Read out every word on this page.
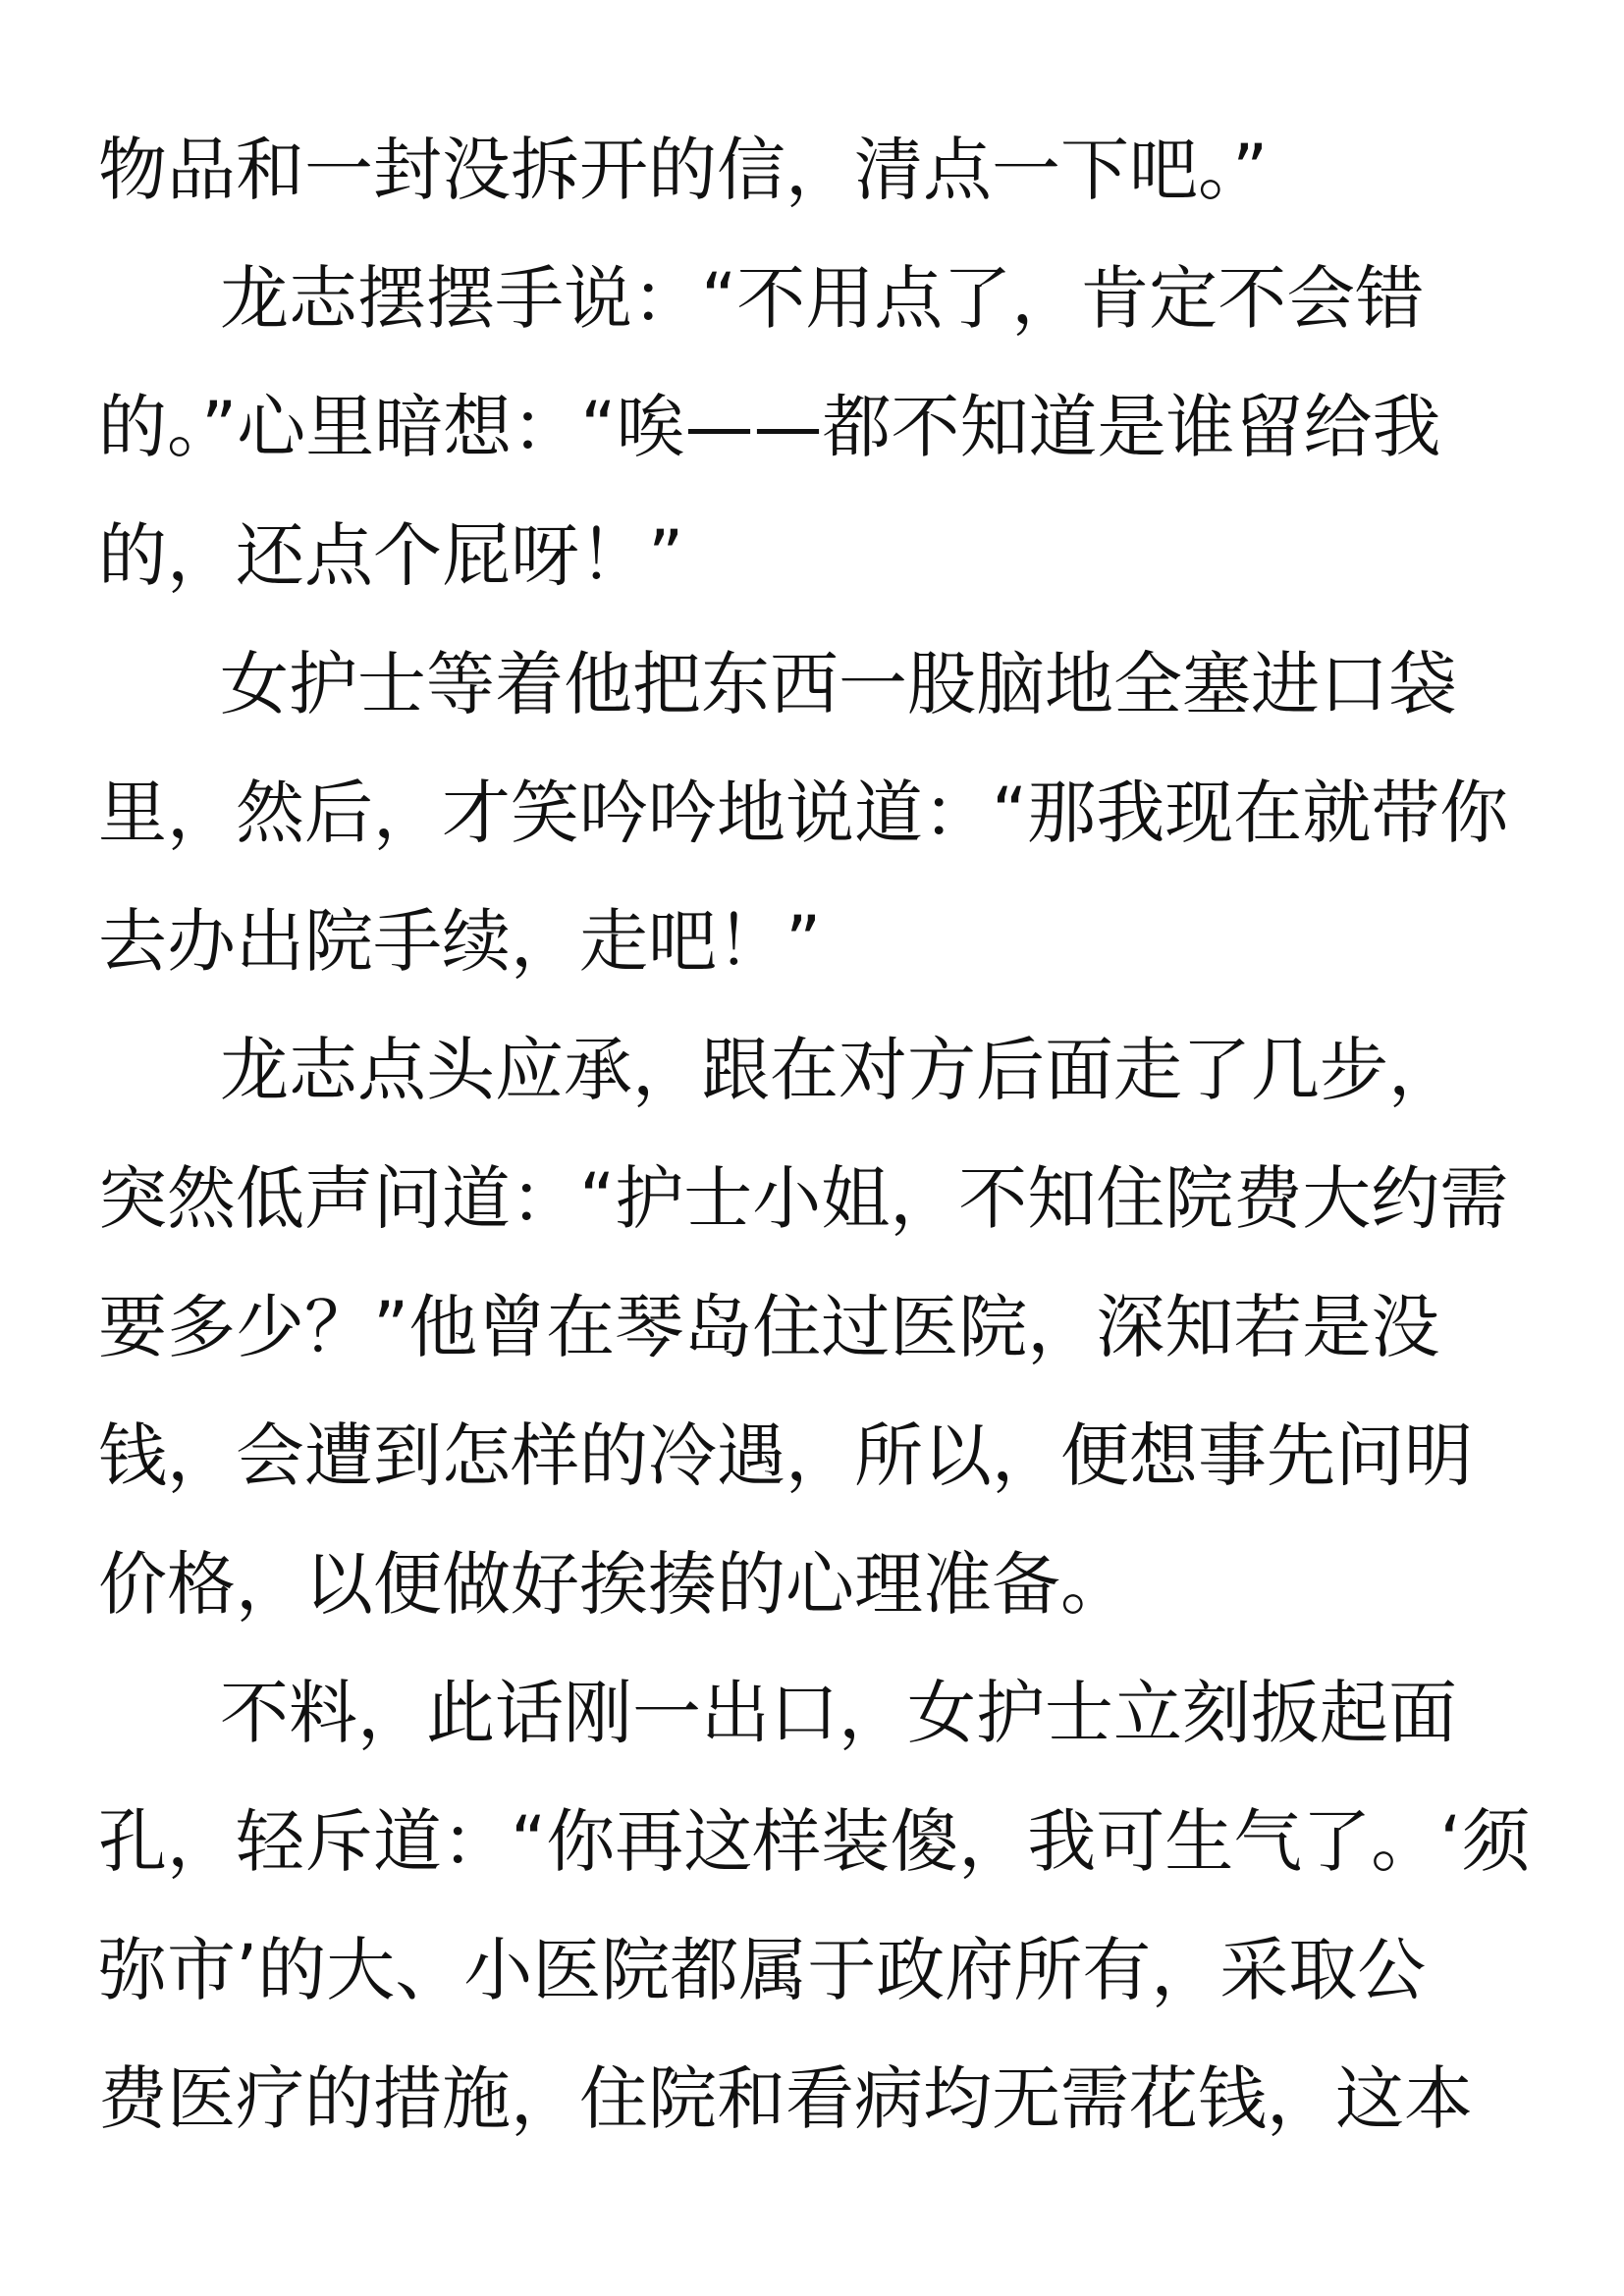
物品和一封没拆开的信，清点一下吧。”
龙志摆摆手说：“不用点了，肯定不会错
的。”心里暗想：“唉——都不知道是谁留给我
的，还点个屁呀！”
女护士等着他把东西一股脑地全塞进口袋
里，然后，才笑吟吟地说道：“那我现在就带你
去办出院手续，走吧！”
龙志点头应承，跟在对方后面走了几步，
突然低声问道：“护士小姐，不知住院费大约需
要多少？”他曾在琴岛住过医院，深知若是没
钱，会遭到怎样的冷遇，所以，便想事先问明
价格，以便做好挨揍的心理准备。
不料，此话刚一出口，女护士立刻扳起面
孔，轻斥道：“你再这样装傻，我可生气了。‘须
弥市’的大、小医院都属于政府所有，采取公
费医疗的措施，住院和看病均无需花钱，这本
